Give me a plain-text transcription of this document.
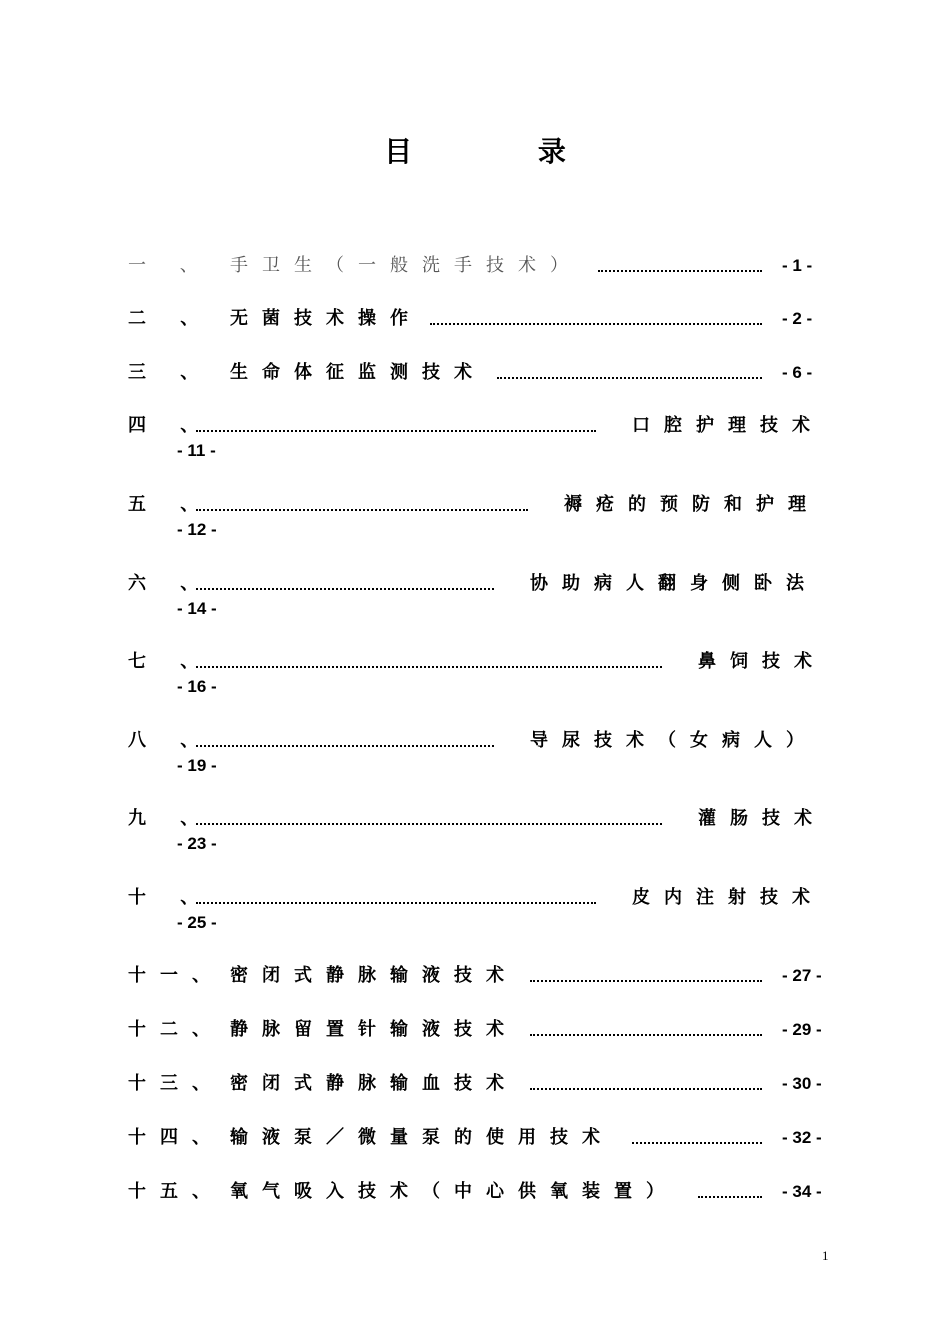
目 录
一 、 手卫生（一般洗手技术）	- 1 -
二 、 无菌技术操作	- 2 -
三 、 生命体征监测技术	- 6 -
四 、	口腔护理技术
- 11 -
五 、	褥疮的预防和护理
- 12 -
六 、	协助病人翻身侧卧法
- 14 -
七 、	鼻饲技术
- 16 -
八 、	导尿技术（女病人）
- 19 -
九 、	灌肠技术
- 23 -
十 、	皮内注射技术
- 25 -
十一、 密闭式静脉输液技术	- 27 -
十二、 静脉留置针输液技术	- 29 -
十三、 密闭式静脉输血技术	- 30 -
十四、 输液泵／微量泵的使用技术	- 32 -
十五、 氧气吸入技术（中心供氧装置）	- 34 -
1
